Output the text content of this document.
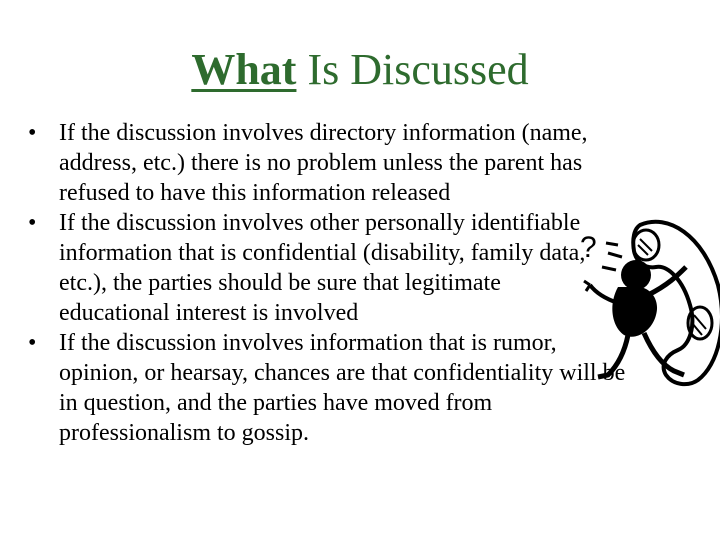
What Is Discussed
• If the discussion involves directory information (name, address, etc.) there is no problem unless the parent has refused to have this information released
• If the discussion involves other personally identifiable information that is confidential (disability, family data, etc.), the parties should be sure that legitimate educational interest is involved
• If the discussion involves information that is rumor, opinion, or hearsay, chances are that confidentiality will be in question, and the parties have moved from professionalism to gossip.
?
